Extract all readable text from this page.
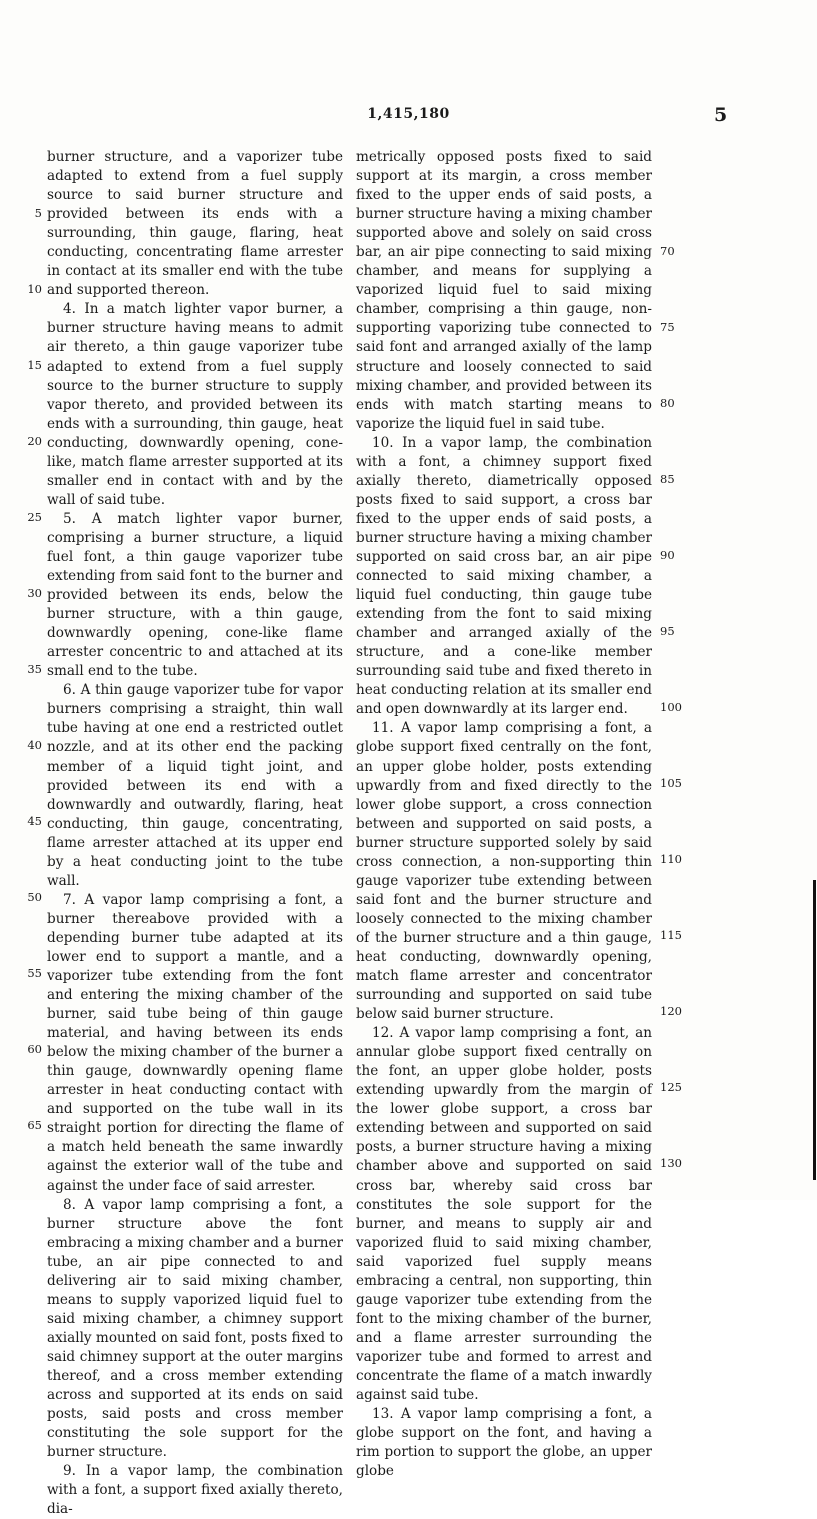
1,415,180	5

burner structure, and a vaporizer tube adapted to extend from a fuel supply source to said burner structure and provided between its ends with a surrounding, thin gauge, flaring, heat conducting, concentrating flame arrester in contact at its smaller end with the tube and supported thereon.

4. In a match lighter vapor burner, a burner structure having means to admit air thereto, a thin gauge vaporizer tube adapted to extend from a fuel supply source to the burner structure to supply vapor thereto, and provided between its ends with a surrounding, thin gauge, heat conducting, downwardly opening, cone-like, match flame arrester supported at its smaller end in contact with and by the wall of said tube.

5. A match lighter vapor burner, comprising a burner structure, a liquid fuel font, a thin gauge vaporizer tube extending from said font to the burner and provided between its ends, below the burner structure, with a thin gauge, downwardly opening, cone-like flame arrester concentric to and attached at its small end to the tube.

6. A thin gauge vaporizer tube for vapor burners comprising a straight, thin wall tube having at one end a restricted outlet nozzle, and at its other end the packing member of a liquid tight joint, and provided between its end with a downwardly and outwardly, flaring, heat conducting, thin gauge, concentrating, flame arrester attached at its upper end by a heat conducting joint to the tube wall.

7. A vapor lamp comprising a font, a burner thereabove provided with a depending burner tube adapted at its lower end to support a mantle, and a vaporizer tube extending from the font and entering the mixing chamber of the burner, said tube being of thin gauge material, and having between its ends below the mixing chamber of the burner a thin gauge, downwardly opening flame arrester in heat conducting contact with and supported on the tube wall in its straight portion for directing the flame of a match held beneath the same inwardly against the exterior wall of the tube and against the under face of said arrester.

8. A vapor lamp comprising a font, a burner structure above the font embracing a mixing chamber and a burner tube, an air pipe connected to and delivering air to said mixing chamber, means to supply vaporized liquid fuel to said mixing chamber, a chimney support axially mounted on said font, posts fixed to said chimney support at the outer margins thereof, and a cross member extending across and supported at its ends on said posts, said posts and cross member constituting the sole support for the burner structure.

9. In a vapor lamp, the combination with a font, a support fixed axially thereto, dia-

metrically opposed posts fixed to said support at its margin, a cross member fixed to the upper ends of said posts, a burner structure having a mixing chamber supported above and solely on said cross bar, an air pipe connecting to said mixing chamber, and means for supplying a vaporized liquid fuel to said mixing chamber, comprising a thin gauge, non-supporting vaporizing tube connected to said font and arranged axially of the lamp structure and loosely connected to said mixing chamber, and provided between its ends with match starting means to vaporize the liquid fuel in said tube.

10. In a vapor lamp, the combination with a font, a chimney support fixed axially thereto, diametrically opposed posts fixed to said support, a cross bar fixed to the upper ends of said posts, a burner structure having a mixing chamber supported on said cross bar, an air pipe connected to said mixing chamber, a liquid fuel conducting, thin gauge tube extending from the font to said mixing chamber and arranged axially of the structure, and a cone-like member surrounding said tube and fixed thereto in heat conducting relation at its smaller end and open downwardly at its larger end.

11. A vapor lamp comprising a font, a globe support fixed centrally on the font, an upper globe holder, posts extending upwardly from and fixed directly to the lower globe support, a cross connection between and supported on said posts, a burner structure supported solely by said cross connection, a non-supporting thin gauge vaporizer tube extending between said font and the burner structure and loosely connected to the mixing chamber of the burner structure and a thin gauge, heat conducting, downwardly opening, match flame arrester and concentrator surrounding and supported on said tube below said burner structure.

12. A vapor lamp comprising a font, an annular globe support fixed centrally on the font, an upper globe holder, posts extending upwardly from the margin of the lower globe support, a cross bar extending between and supported on said posts, a burner structure having a mixing chamber above and supported on said cross bar, whereby said cross bar constitutes the sole support for the burner, and means to supply air and vaporized fluid to said mixing chamber, said vaporized fuel supply means embracing a central, non supporting, thin gauge vaporizer tube extending from the font to the mixing chamber of the burner, and a flame arrester surrounding the vaporizer tube and formed to arrest and concentrate the flame of a match inwardly against said tube.

13. A vapor lamp comprising a font, a globe support on the font, and having a rim portion to support the globe, an upper globe

5
10
15
20
25
30
35
40
45
50
55
60
65
70
75
80
85
90
95
100
105
110
115
120
125
130
